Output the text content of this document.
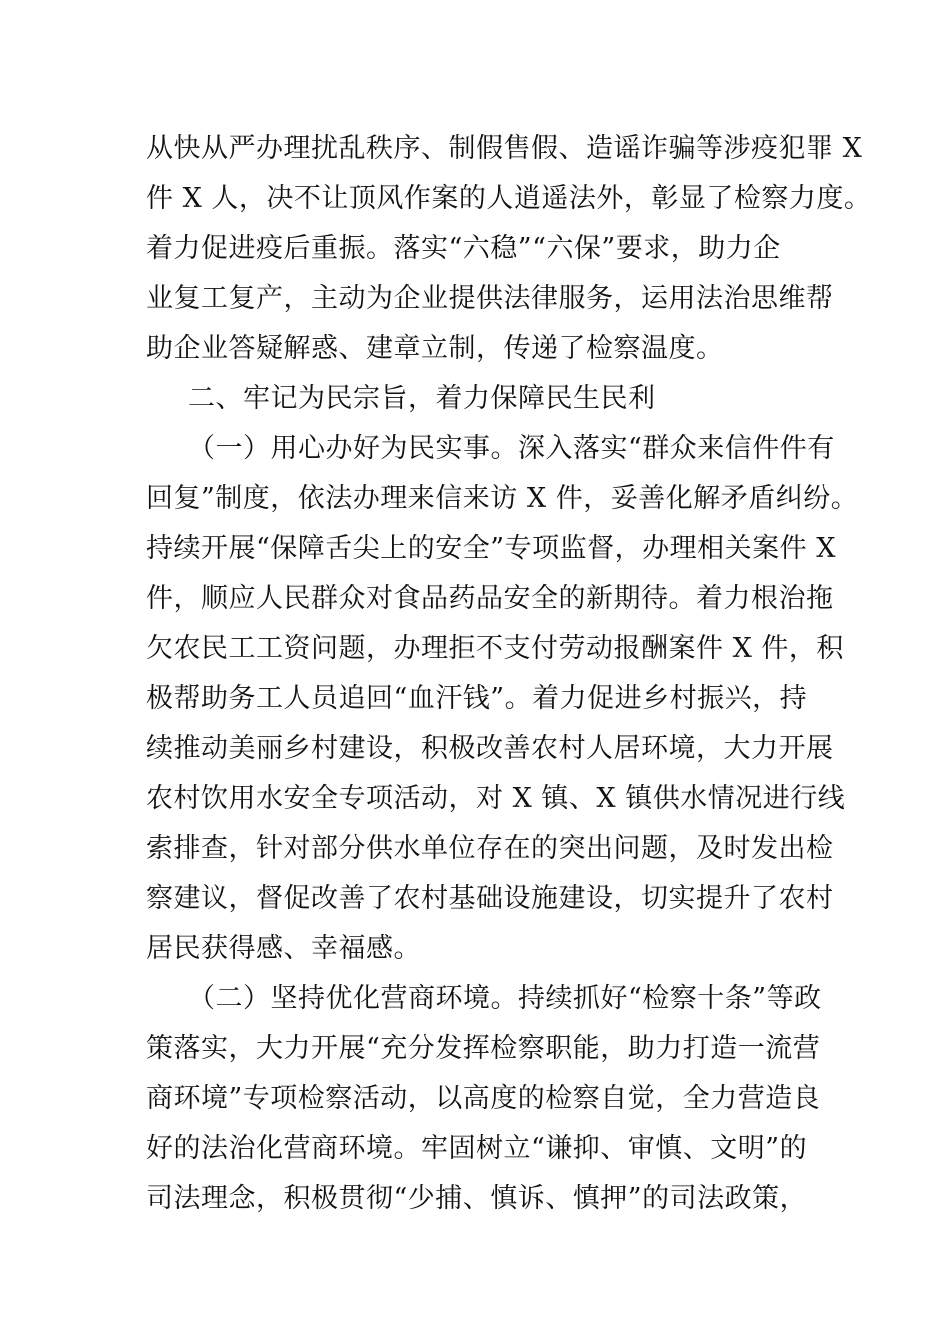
从快从严办理扰乱秩序、制假售假、造谣诈骗等涉疫犯罪 X
件 X 人，决不让顶风作案的人逍遥法外，彰显了检察力度。
着力促进疫后重振。落实“六稳”“六保”要求，助力企
业复工复产，主动为企业提供法律服务，运用法治思维帮
助企业答疑解惑、建章立制，传递了检察温度。
二、牢记为民宗旨，着力保障民生民利
（一）用心办好为民实事。深入落实“群众来信件件有
回复”制度，依法办理来信来访 X 件，妥善化解矛盾纠纷。
持续开展“保障舌尖上的安全”专项监督，办理相关案件 X
件，顺应人民群众对食品药品安全的新期待。着力根治拖
欠农民工工资问题，办理拒不支付劳动报酬案件 X 件，积
极帮助务工人员追回“血汗钱”。着力促进乡村振兴，持
续推动美丽乡村建设，积极改善农村人居环境，大力开展
农村饮用水安全专项活动，对 X 镇、X 镇供水情况进行线
索排查，针对部分供水单位存在的突出问题，及时发出检
察建议，督促改善了农村基础设施建设，切实提升了农村
居民获得感、幸福感。
（二）坚持优化营商环境。持续抓好“检察十条”等政
策落实，大力开展“充分发挥检察职能，助力打造一流营
商环境”专项检察活动，以高度的检察自觉，全力营造良
好的法治化营商环境。牢固树立“谦抑、审慎、文明”的
司法理念，积极贯彻“少捕、慎诉、慎押”的司法政策，
